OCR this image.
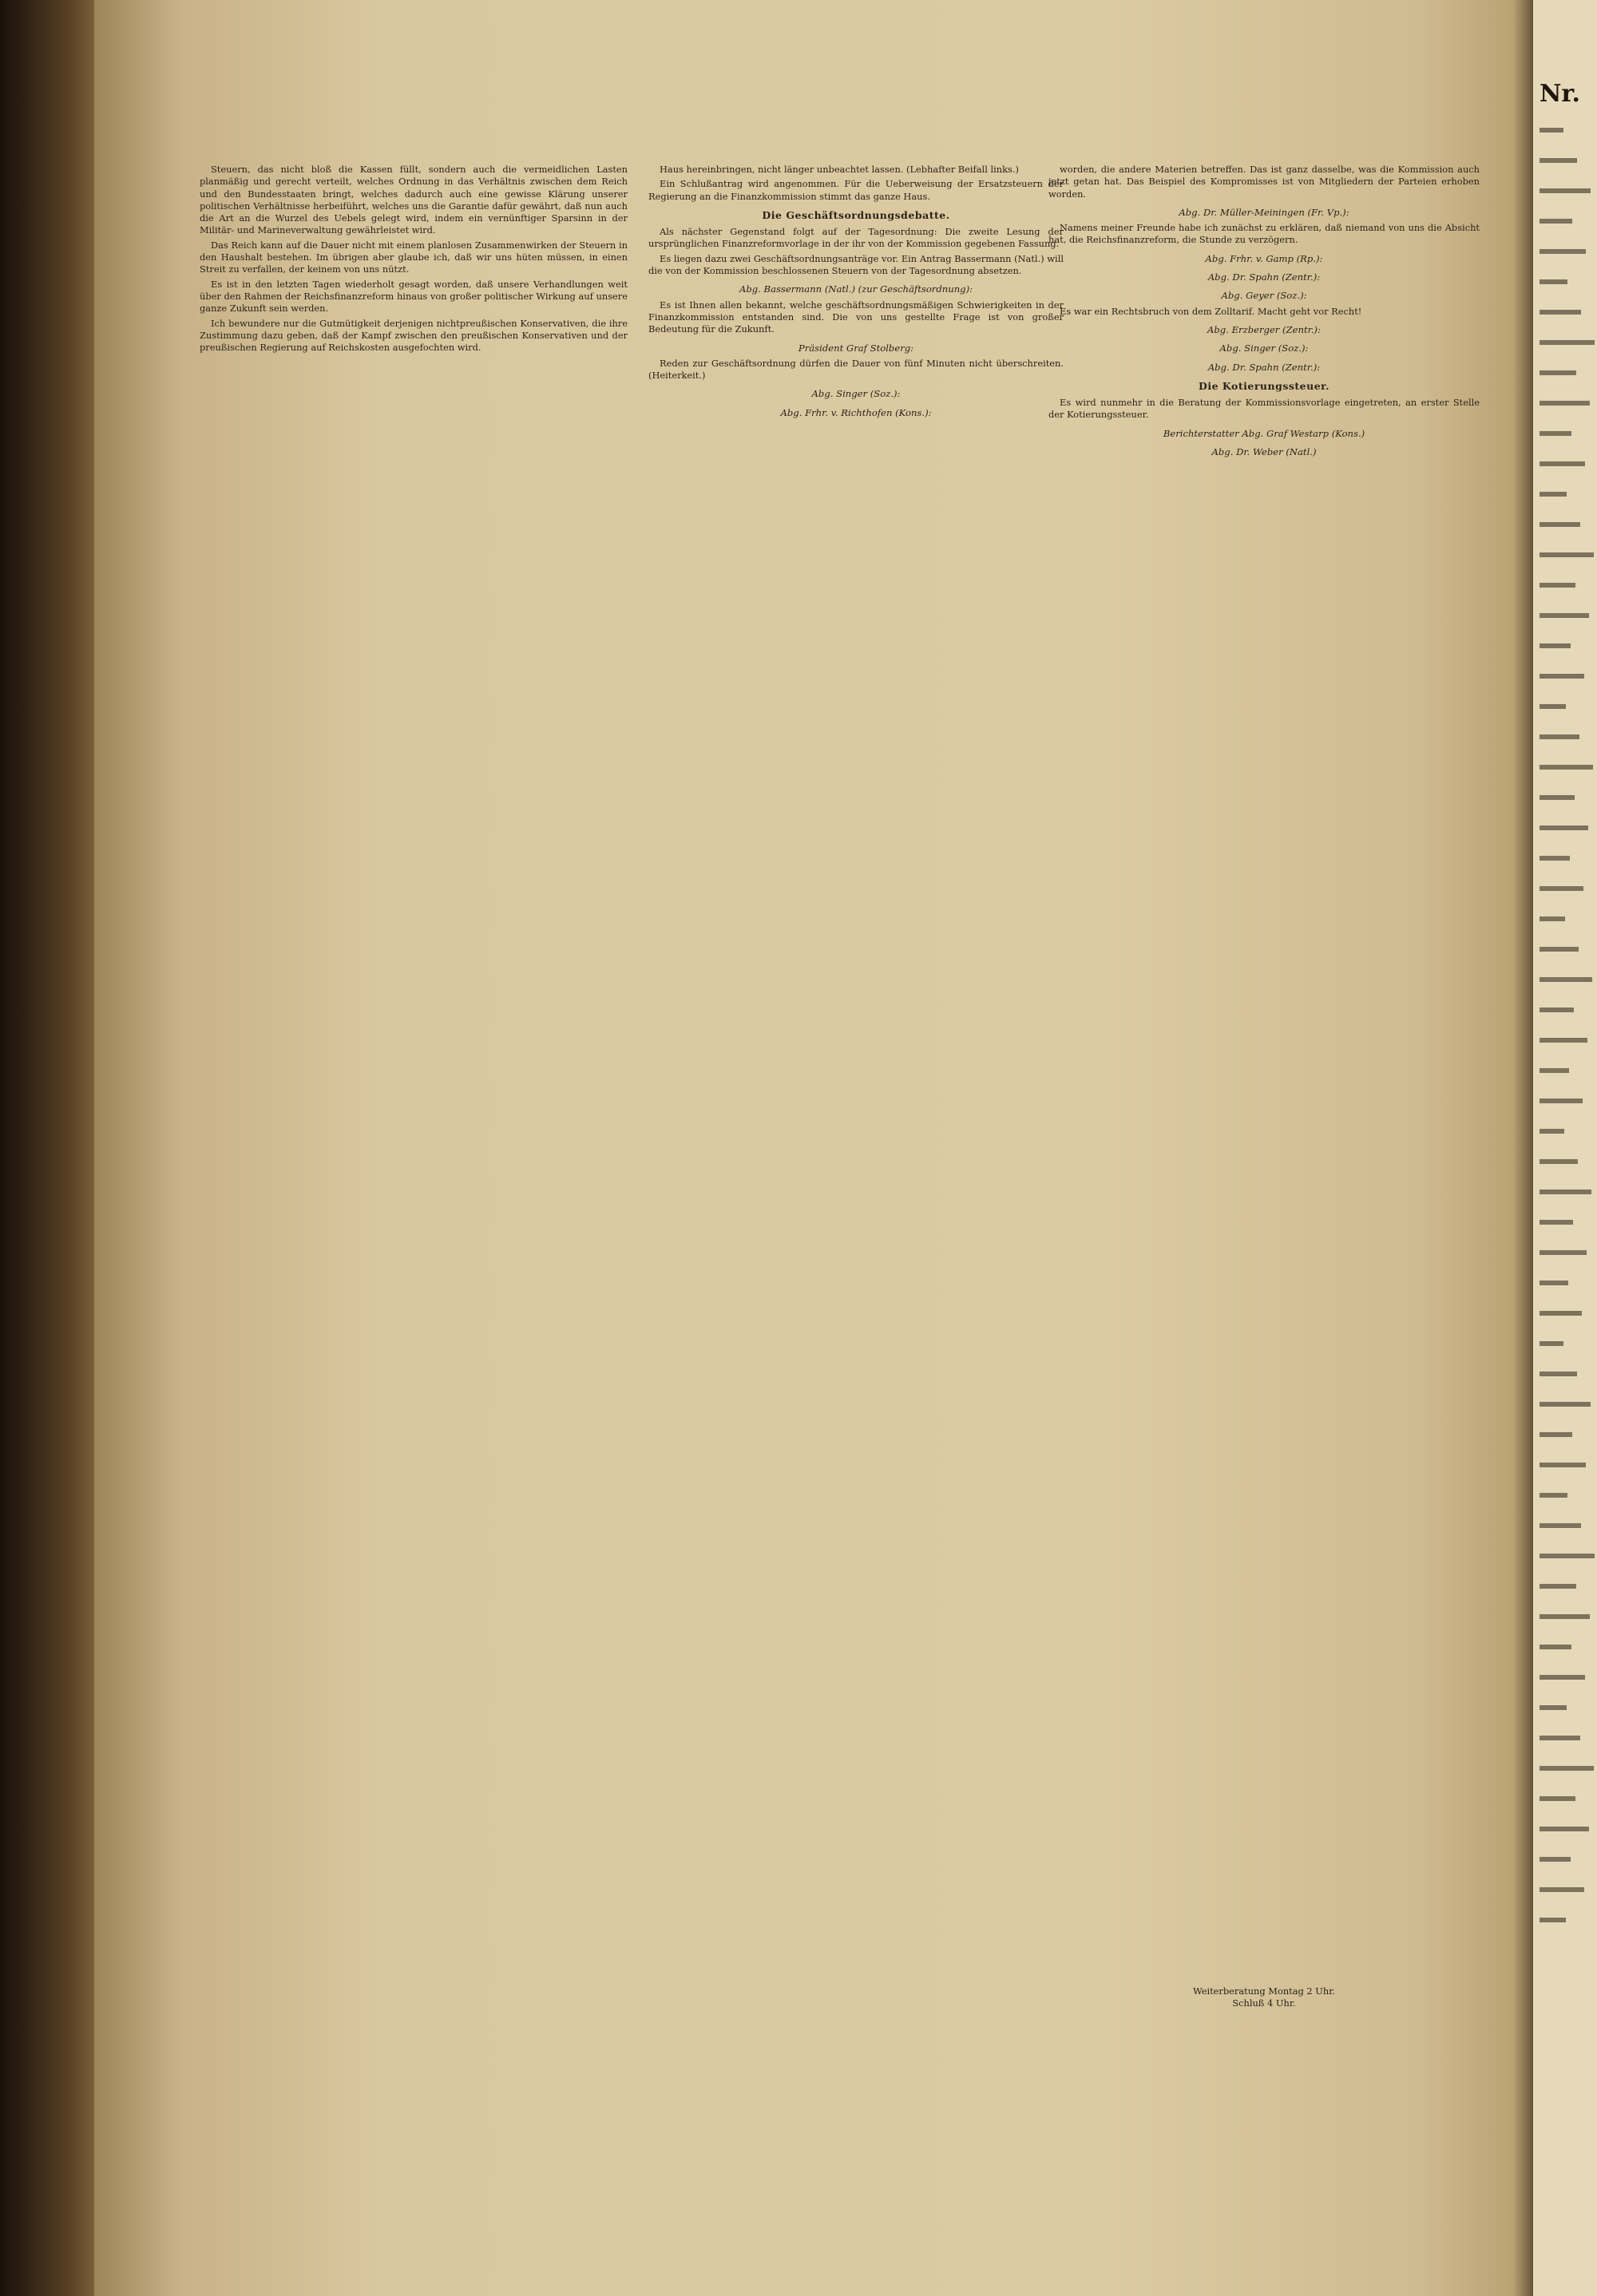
Nr.

Steuern, das nicht bloß die Kassen füllt, sondern auch die vermeidlichen Lasten planmäßig und gerecht verteilt, welches Ordnung in das Verhältnis zwischen dem Reich und den Bundesstaaten bringt, welches dadurch auch eine gewisse Klärung unserer politischen Verhältnisse herbeiführt, welches uns die Garantie dafür gewährt, daß nun auch die Art an die Wurzel des Uebels gelegt wird, indem ein vernünftiger Sparsinn in der Militär- und Marineverwaltung gewährleistet wird.

Das Reich kann auf die Dauer nicht mit einem planlosen Zusammenwirken der Steuern in den Haushalt bestehen. Im übrigen aber glaube ich, daß wir uns hüten müssen, in einen Streit zu verfallen, der keinem von uns nützt.

Es ist in den letzten Tagen wiederholt gesagt worden, daß unsere Verhandlungen weit über den Rahmen der Reichsfinanzreform hinaus von großer politischer Wirkung auf unsere ganze Zukunft sein werden.

Ich bewundere nur die Gutmütigkeit derjenigen nichtpreußischen Konservativen, die ihre Zustimmung dazu geben, daß der Kampf zwischen den preußischen Konservativen und der preußischen Regierung auf Reichskosten ausgefochten wird.

Haus hereinbringen, nicht länger unbeachtet lassen. (Lebhafter Beifall links.)

Ein Schlußantrag wird angenommen. Für die Ueberweisung der Ersatzsteuern der Regierung an die Finanzkommission stimmt das ganze Haus.

Die Geschäftsordnungsdebatte.

Als nächster Gegenstand folgt auf der Tagesordnung: Die zweite Lesung der ursprünglichen Finanzreformvorlage in der ihr von der Kommission gegebenen Fassung.

Es liegen dazu zwei Geschäftsordnungsanträge vor. Ein Antrag Bassermann (Natl.) will die von der Kommission beschlossenen Steuern von der Tagesordnung absetzen.

Abg. Bassermann (Natl.) (zur Geschäftsordnung):

Es ist Ihnen allen bekannt, welche geschäftsordnungsmäßigen Schwierigkeiten in der Finanzkommission entstanden sind. Die von uns gestellte Frage ist von großer Bedeutung für die Zukunft.

Präsident Graf Stolberg:

Reden zur Geschäftsordnung dürfen die Dauer von fünf Minuten nicht überschreiten. (Heiterkeit.)

Abg. Singer (Soz.):
Abg. Frhr. v. Richthofen (Kons.):

worden, die andere Materien betreffen. Das ist ganz dasselbe, was die Kommission auch jetzt getan hat. Das Beispiel des Kompromisses ist von Mitgliedern der Parteien erhoben worden.

Abg. Dr. Müller-Meiningen (Fr. Vp.):

Namens meiner Freunde habe ich zunächst zu erklären, daß niemand von uns die Absicht hat, die Reichsfinanzreform, die Stunde zu verzögern.

Abg. Frhr. v. Gamp (Rp.):
Abg. Dr. Spahn (Zentr.):
Abg. Geyer (Soz.):

Es war ein Rechtsbruch von dem Zolltarif. Macht geht vor Recht!

Abg. Erzberger (Zentr.):
Abg. Singer (Soz.):
Abg. Dr. Spahn (Zentr.):
Die Kotierungssteuer.

Es wird nunmehr in die Beratung der Kommissionsvorlage eingetreten, an erster Stelle der Kotierungssteuer.

Berichterstatter Abg. Graf Westarp (Kons.)
Abg. Dr. Weber (Natl.)
Weiterberatung Montag 2 Uhr.
Schluß 4 Uhr.
